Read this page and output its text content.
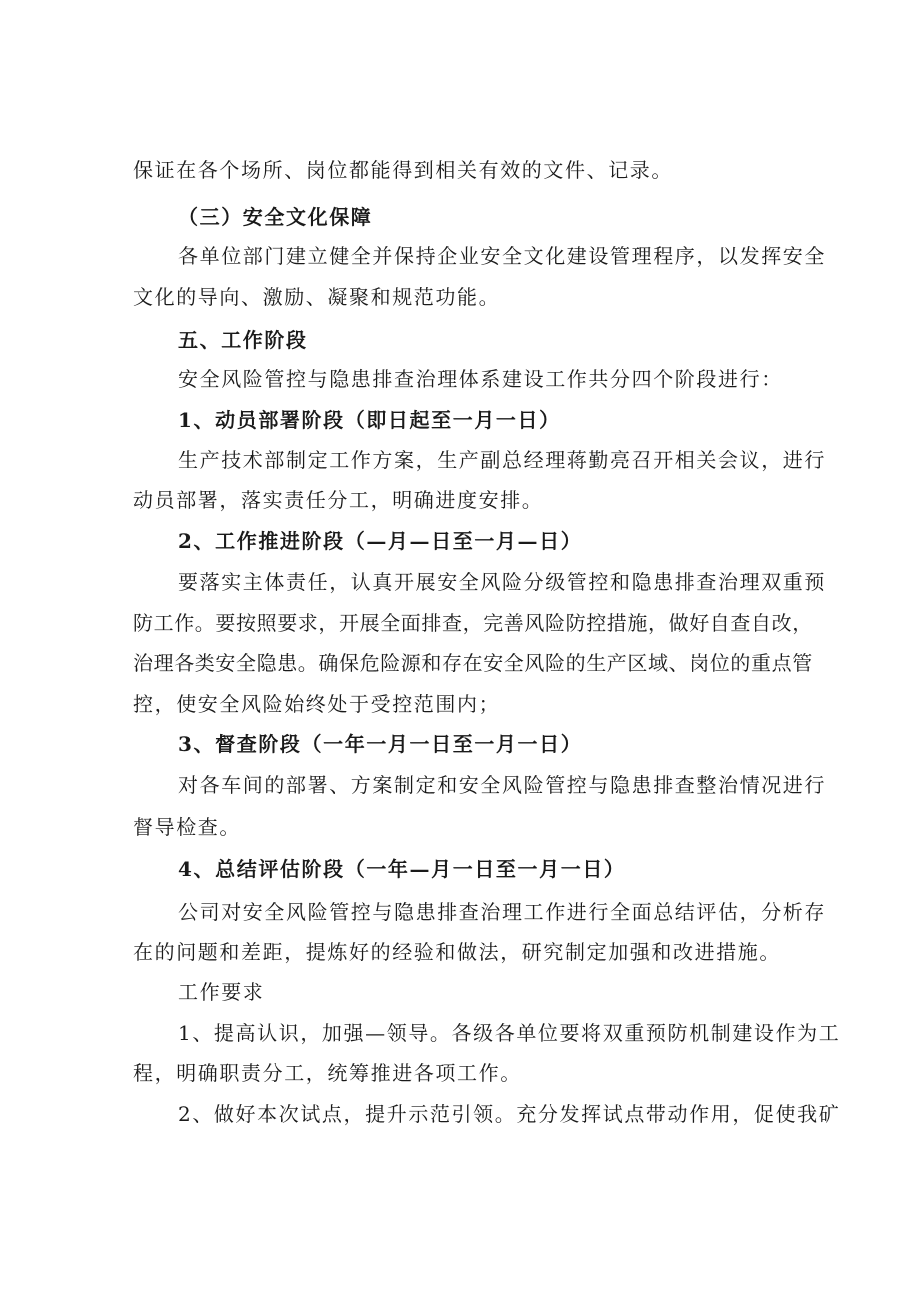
保证在各个场所、岗位都能得到相关有效的文件、记录。
（三）安全文化保障
各单位部门建立健全并保持企业安全文化建设管理程序，以发挥安全
文化的导向、激励、凝聚和规范功能。
五、工作阶段
安全风险管控与隐患排查治理体系建设工作共分四个阶段进行：
1、动员部署阶段（即日起至一月一日）
生产技术部制定工作方案，生产副总经理蒋勤亮召开相关会议，进行
动员部署，落实责任分工，明确进度安排。
2、工作推进阶段（—月—日至一月—日）
要落实主体责任，认真开展安全风险分级管控和隐患排查治理双重预
防工作。要按照要求，开展全面排查，完善风险防控措施，做好自查自改，
治理各类安全隐患。确保危险源和存在安全风险的生产区域、岗位的重点管
控，使安全风险始终处于受控范围内；
3、督查阶段（一年一月一日至一月一日）
对各车间的部署、方案制定和安全风险管控与隐患排查整治情况进行
督导检查。
4、总结评估阶段（一年—月一日至一月一日）
公司对安全风险管控与隐患排查治理工作进行全面总结评估，分析存
在的问题和差距，提炼好的经验和做法，研究制定加强和改进措施。
工作要求
1、提高认识，加强—领导。各级各单位要将双重预防机制建设作为工
程，明确职责分工，统筹推进各项工作。
2、做好本次试点，提升示范引领。充分发挥试点带动作用，促使我矿
